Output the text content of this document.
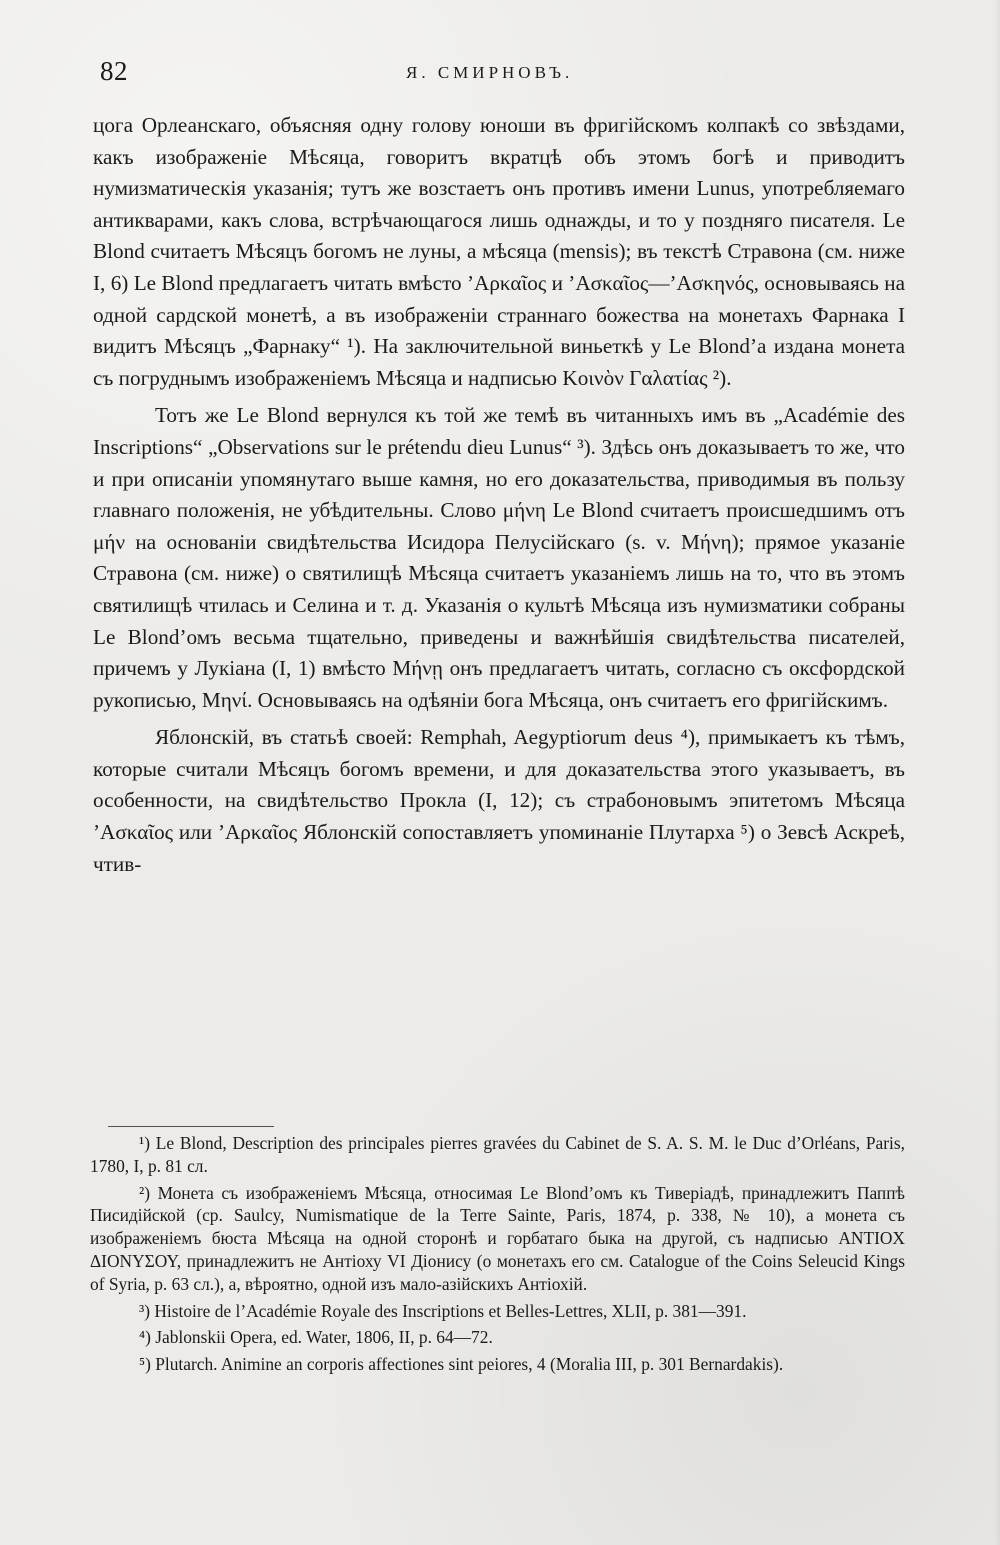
82	Я. СМИРНОВЪ.

цога Орлеанскаго, объясняя одну голову юноши въ фригійскомъ колпакѣ со звѣздами, какъ изображеніе Мѣсяца, говоритъ вкратцѣ объ этомъ богѣ и приводитъ нумизматическія указанія; тутъ же возстаетъ онъ противъ имени Lunus, употребляемаго антикварами, какъ слова, встрѣчающагося лишь однажды, и то у поздняго писателя. Le Blond считаетъ Мѣсяцъ богомъ не луны, а мѣсяца (mensis); въ текстѣ Стравона (см. ниже I, 6) Le Blond предлагаетъ читать вмѣсто ’Αρκαῖος и ’Ασκαῖος—’Ασκηνός, основываясь на одной сардской монетѣ, а въ изображеніи страннаго божества на монетахъ Фарнака I видитъ Мѣсяцъ „Фарнаку“ ¹). На заключительной виньеткѣ у Le Blond’а издана монета съ погруднымъ изображеніемъ Мѣсяца и надписью Κοινὸν Γαλατίας ²).

Тотъ же Le Blond вернулся къ той же темѣ въ читанныхъ имъ въ „Académie des Inscriptions“ „Observations sur le prétendu dieu Lunus“ ³). Здѣсь онъ доказываетъ то же, что и при описаніи упомянутаго выше камня, но его доказательства, приводимыя въ пользу главнаго положенія, не убѣдительны. Слово μήνη Le Blond считаетъ происшедшимъ отъ μήν на основаніи свидѣтельства Исидора Пелусійскаго (s. v. Μήνη); прямое указаніе Стравона (см. ниже) о святилищѣ Мѣсяца считаетъ указаніемъ лишь на то, что въ этомъ святилищѣ чтилась и Селина и т. д. Указанія о культѣ Мѣсяца изъ нумизматики собраны Le Blond’омъ весьма тщательно, приведены и важнѣйшія свидѣтельства писателей, причемъ у Лукіана (I, 1) вмѣсто Μήνῃ онъ предлагаетъ читать, согласно съ оксфордской рукописью, Μηνί. Основываясь на одѣяніи бога Мѣсяца, онъ считаетъ его фригійскимъ.

Яблонскій, въ статьѣ своей: Remphah, Aegyptiorum deus ⁴), примыкаетъ къ тѣмъ, которые считали Мѣсяцъ богомъ времени, и для доказательства этого указываетъ, въ особенности, на свидѣтельство Прокла (I, 12); съ страбоновымъ эпитетомъ Мѣсяца ’Ασκαῖος или ’Αρκαῖος Яблонскій сопоставляетъ упоминаніе Плутарха ⁵) о Зевсѣ Аскреѣ, чтив-

¹) Le Blond, Description des principales pierres gravées du Cabinet de S. A. S. M. le Duc d’Orléans, Paris, 1780, I, p. 81 сл.

²) Монета съ изображеніемъ Мѣсяца, относимая Le Blond’омъ къ Тиверіадѣ, принадлежитъ Паппѣ Писидійской (ср. Saulcy, Numismatique de la Terre Sainte, Paris, 1874, p. 338, № 10), а монета съ изображеніемъ бюста Мѣсяца на одной сторонѣ и горбатаго быка на другой, съ надписью ΑΝΤΙΟΧ ΔΙΟΝΥΣΟΥ, принадлежитъ не Антіоху VI Діонису (о монетахъ его см. Catalogue of the Coins Seleucid Kings of Syria, p. 63 сл.), а, вѣроятно, одной изъ мало-азійскихъ Антіохій.

³) Histoire de l’Académie Royale des Inscriptions et Belles-Lettres, XLII, p. 381—391.

⁴) Jablonskii Opera, ed. Water, 1806, II, p. 64—72.

⁵) Plutarch. Animine an corporis affectiones sint peiores, 4 (Moralia III, p. 301 Bernardakis).
